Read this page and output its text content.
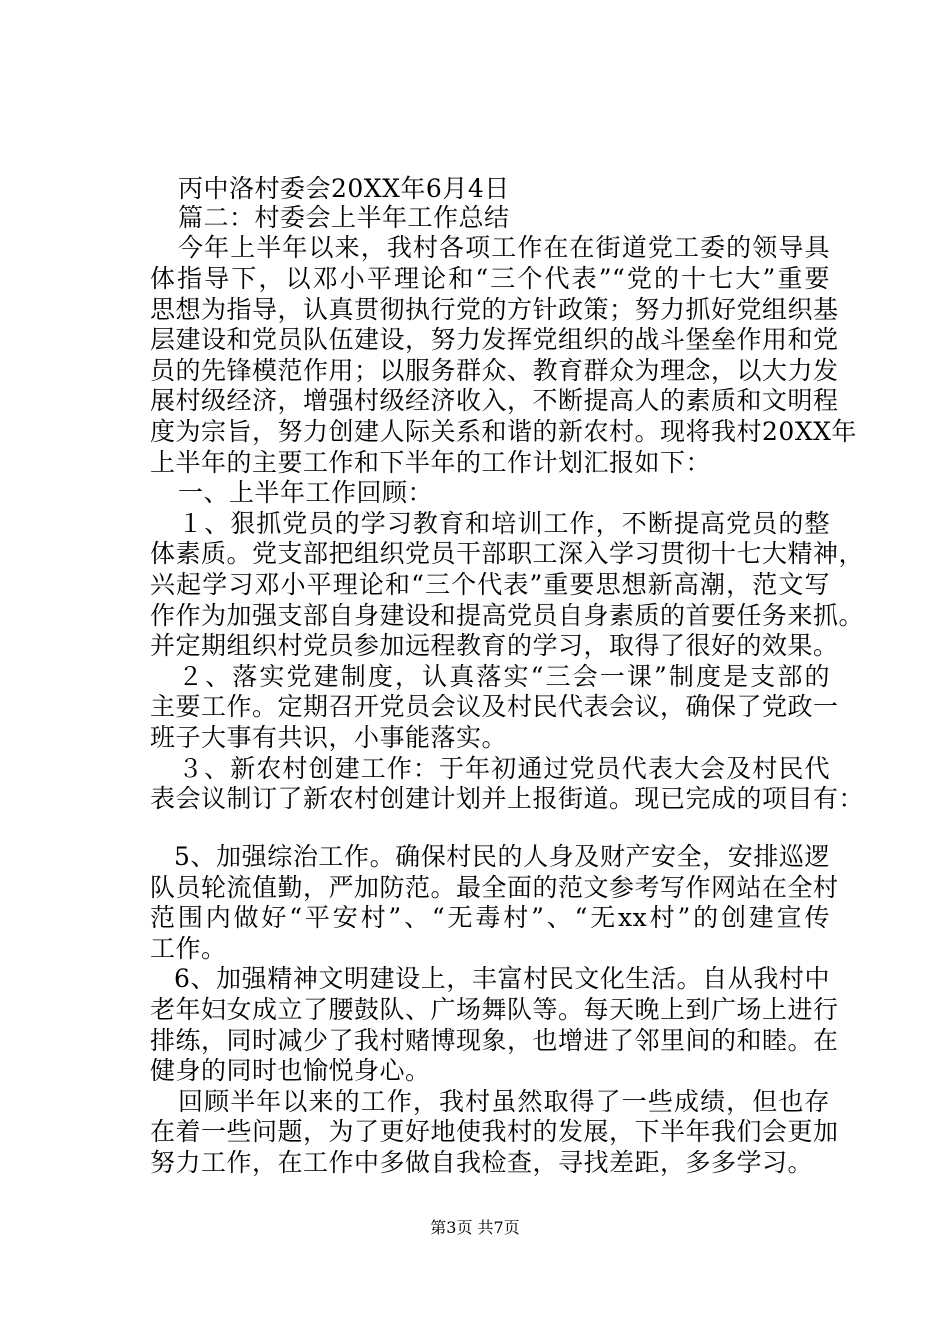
丙中洛村委会20XX年6月4日
篇二：村委会上半年工作总结
今年上半年以来，我村各项工作在在街道党工委的领导具
体指导下，以邓小平理论和“三个代表”“党的十七大”重要
思想为指导，认真贯彻执行党的方针政策；努力抓好党组织基
层建设和党员队伍建设，努力发挥党组织的战斗堡垒作用和党
员的先锋模范作用；以服务群众、教育群众为理念，以大力发
展村级经济，增强村级经济收入，不断提高人的素质和文明程
度为宗旨，努力创建人际关系和谐的新农村。现将我村20XX年
上半年的主要工作和下半年的工作计划汇报如下：
一、上半年工作回顾：
１、狠抓党员的学习教育和培训工作，不断提高党员的整
体素质。党支部把组织党员干部职工深入学习贯彻十七大精神，
兴起学习邓小平理论和“三个代表”重要思想新高潮，范文写
作作为加强支部自身建设和提高党员自身素质的首要任务来抓。
并定期组织村党员参加远程教育的学习，取得了很好的效果。
２、落实党建制度，认真落实“三会一课”制度是支部的
主要工作。定期召开党员会议及村民代表会议，确保了党政一
班子大事有共识，小事能落实。
３、新农村创建工作：于年初通过党员代表大会及村民代
表会议制订了新农村创建计划并上报街道。现已完成的项目有：
5、加强综治工作。确保村民的人身及财产安全，安排巡逻
队员轮流值勤，严加防范。最全面的范文参考写作网站在全村
范围内做好“平安村”、“无毒村”、“无xx村”的创建宣传
工作。
6、加强精神文明建设上，丰富村民文化生活。自从我村中
老年妇女成立了腰鼓队、广场舞队等。每天晚上到广场上进行
排练，同时减少了我村赌博现象，也增进了邻里间的和睦。在
健身的同时也愉悦身心。
回顾半年以来的工作，我村虽然取得了一些成绩，但也存
在着一些问题，为了更好地使我村的发展，下半年我们会更加
努力工作，在工作中多做自我检查，寻找差距，多多学习。
第3页 共7页
